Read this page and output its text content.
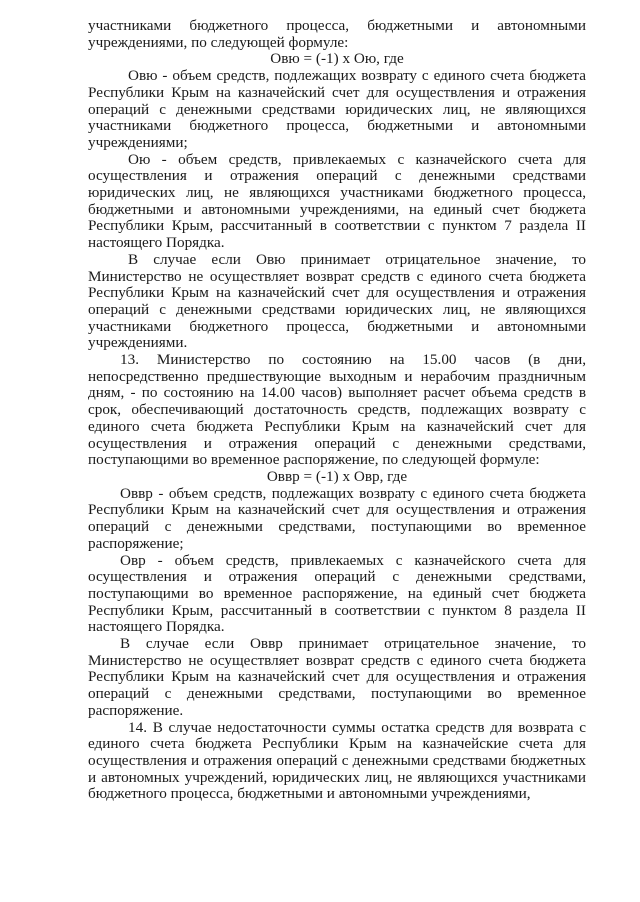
участниками бюджетного процесса, бюджетными и автономными учреждениями, по следующей формуле:

Овю = (-1) x Ою, где

Овю - объем средств, подлежащих возврату с единого счета бюджета Республики Крым на казначейский счет для осуществления и отражения операций с денежными средствами юридических лиц, не являющихся участниками бюджетного процесса, бюджетными и автономными учреждениями;

Ою - объем средств, привлекаемых с казначейского счета для осуществления и отражения операций с денежными средствами юридических лиц, не являющихся участниками бюджетного процесса, бюджетными и автономными учреждениями, на единый счет бюджета Республики Крым, рассчитанный в соответствии с пунктом 7 раздела II настоящего Порядка.

В случае если Овю принимает отрицательное значение, то Министерство не осуществляет возврат средств с единого счета бюджета Республики Крым на казначейский счет для осуществления и отражения операций с денежными средствами юридических лиц, не являющихся участниками бюджетного процесса, бюджетными и автономными учреждениями.

13. Министерство по состоянию на 15.00 часов (в дни, непосредственно предшествующие выходным и нерабочим праздничным дням, - по состоянию на 14.00 часов) выполняет расчет объема средств в срок, обеспечивающий достаточность средств, подлежащих возврату с единого счета бюджета Республики Крым на казначейский счет для осуществления и отражения операций с денежными средствами, поступающими во временное распоряжение, по следующей формуле:

Оввр = (-1) x Овр, где

Оввр - объем средств, подлежащих возврату с единого счета бюджета Республики Крым на казначейский счет для осуществления и отражения операций с денежными средствами, поступающими во временное распоряжение;

Овр - объем средств, привлекаемых с казначейского счета для осуществления и отражения операций с денежными средствами, поступающими во временное распоряжение, на единый счет бюджета Республики Крым, рассчитанный в соответствии с пунктом 8 раздела II настоящего Порядка.

В случае если Оввр принимает отрицательное значение, то Министерство не осуществляет возврат средств с единого счета бюджета Республики Крым на казначейский счет для осуществления и отражения операций с денежными средствами, поступающими во временное распоряжение.

14. В случае недостаточности суммы остатка средств для возврата с единого счета бюджета Республики Крым на казначейские счета для осуществления и отражения операций с денежными средствами бюджетных и автономных учреждений, юридических лиц, не являющихся участниками бюджетного процесса, бюджетными и автономными учреждениями,
